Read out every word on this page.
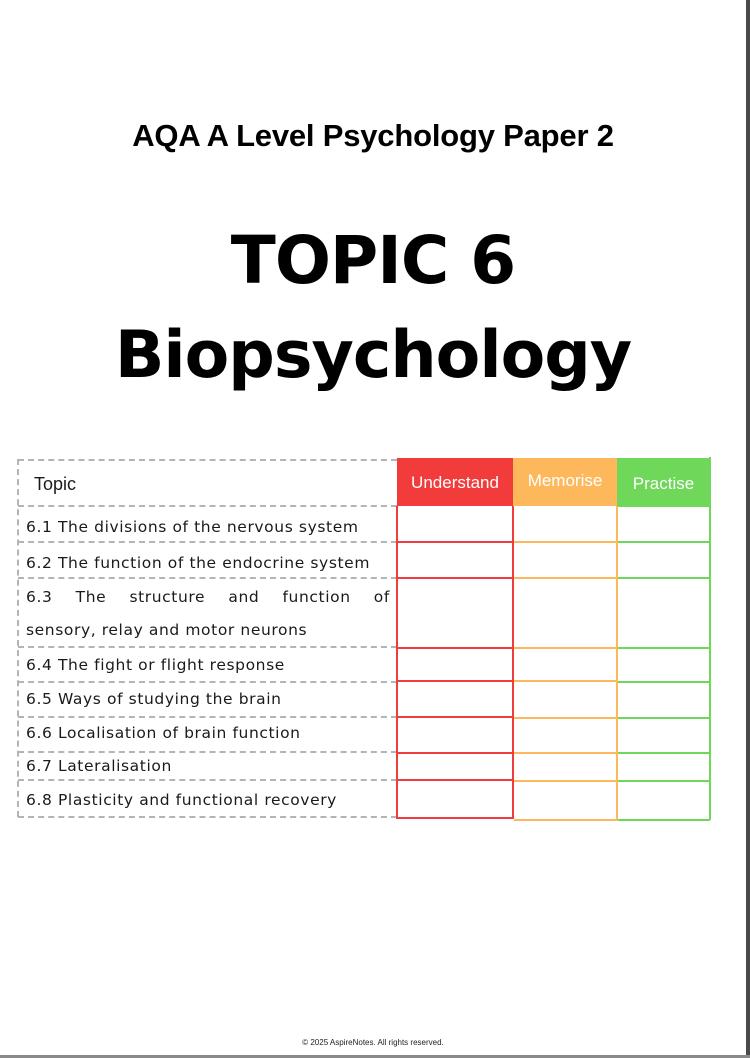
AQA A Level Psychology Paper 2
TOPIC 6
Biopsychology
Topic
6.1 The divisions of the nervous system
6.2 The function of the endocrine system
6.3 The structure and function of
sensory, relay and motor neurons
6.4 The fight or flight response
6.5 Ways of studying the brain
6.6 Localisation of brain function
6.7 Lateralisation
6.8 Plasticity and functional recovery
Understand	Memorise	Practise
© 2025 AspireNotes. All rights reserved.
